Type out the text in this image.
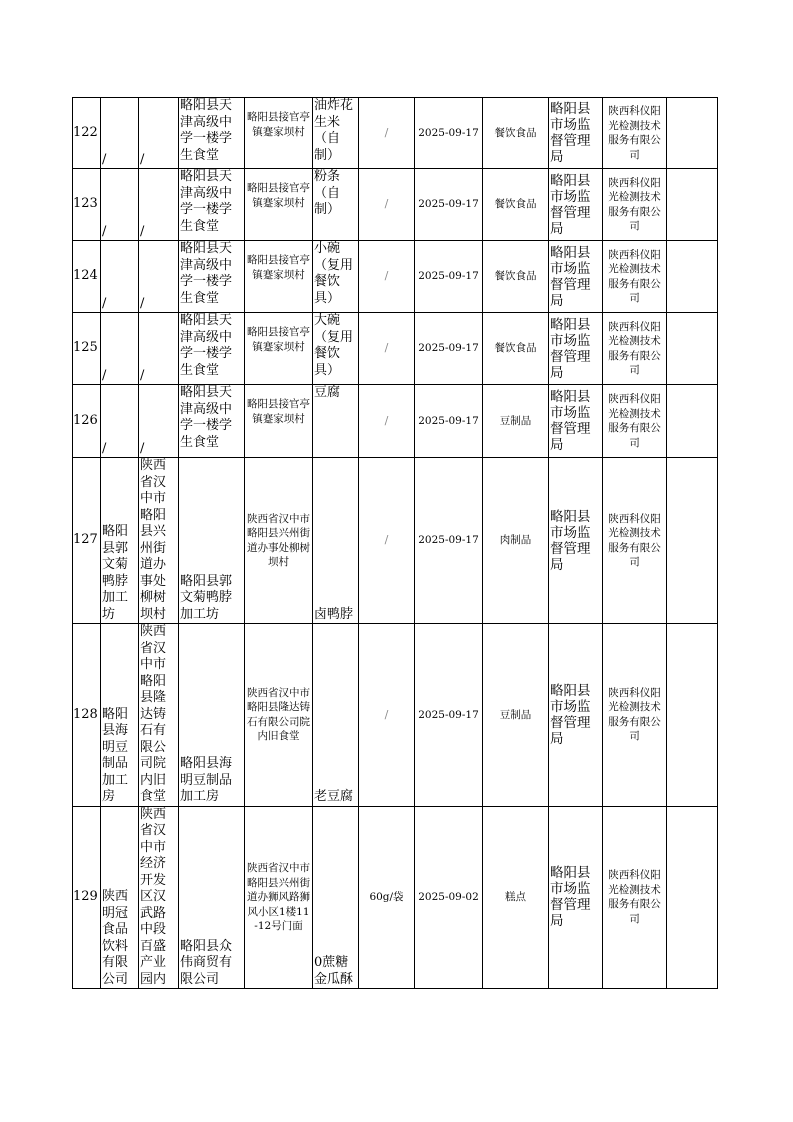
122	/	/	略阳县天津高级中学一楼学生食堂	略阳县接官亭镇蹇家坝村	油炸花生米（自制）	/	2025-09-17	餐饮食品	略阳县市场监督管理局	陕西科仪阳光检测技术服务有限公司	
123	/	/	略阳县天津高级中学一楼学生食堂	略阳县接官亭镇蹇家坝村	粉条（自制）	/	2025-09-17	餐饮食品	略阳县市场监督管理局	陕西科仪阳光检测技术服务有限公司	
124	/	/	略阳县天津高级中学一楼学生食堂	略阳县接官亭镇蹇家坝村	小碗（复用餐饮具）	/	2025-09-17	餐饮食品	略阳县市场监督管理局	陕西科仪阳光检测技术服务有限公司	
125	/	/	略阳县天津高级中学一楼学生食堂	略阳县接官亭镇蹇家坝村	大碗（复用餐饮具）	/	2025-09-17	餐饮食品	略阳县市场监督管理局	陕西科仪阳光检测技术服务有限公司	
126	/	/	略阳县天津高级中学一楼学生食堂	略阳县接官亭镇蹇家坝村	豆腐	/	2025-09-17	豆制品	略阳县市场监督管理局	陕西科仪阳光检测技术服务有限公司	
127	略阳县郭文菊鸭脖加工坊	陕西省汉中市略阳县兴州街道办事处柳树坝村	略阳县郭文菊鸭脖加工坊	陕西省汉中市略阳县兴州街道办事处柳树坝村	卤鸭脖	/	2025-09-17	肉制品	略阳县市场监督管理局	陕西科仪阳光检测技术服务有限公司	
128	略阳县海明豆制品加工房	陕西省汉中市略阳县隆达铸石有限公司院内旧食堂	略阳县海明豆制品加工房	陕西省汉中市略阳县隆达铸石有限公司院内旧食堂	老豆腐	/	2025-09-17	豆制品	略阳县市场监督管理局	陕西科仪阳光检测技术服务有限公司	
129	陕西明冠食品饮料有限公司	陕西省汉中市经济开发区汉武路中段百盛产业园内	略阳县众伟商贸有限公司	陕西省汉中市略阳县兴州街道办狮风路狮风小区1楼11-12号门面	0蔗糖金瓜酥	60g/袋	2025-09-02	糕点	略阳县市场监督管理局	陕西科仪阳光检测技术服务有限公司	
